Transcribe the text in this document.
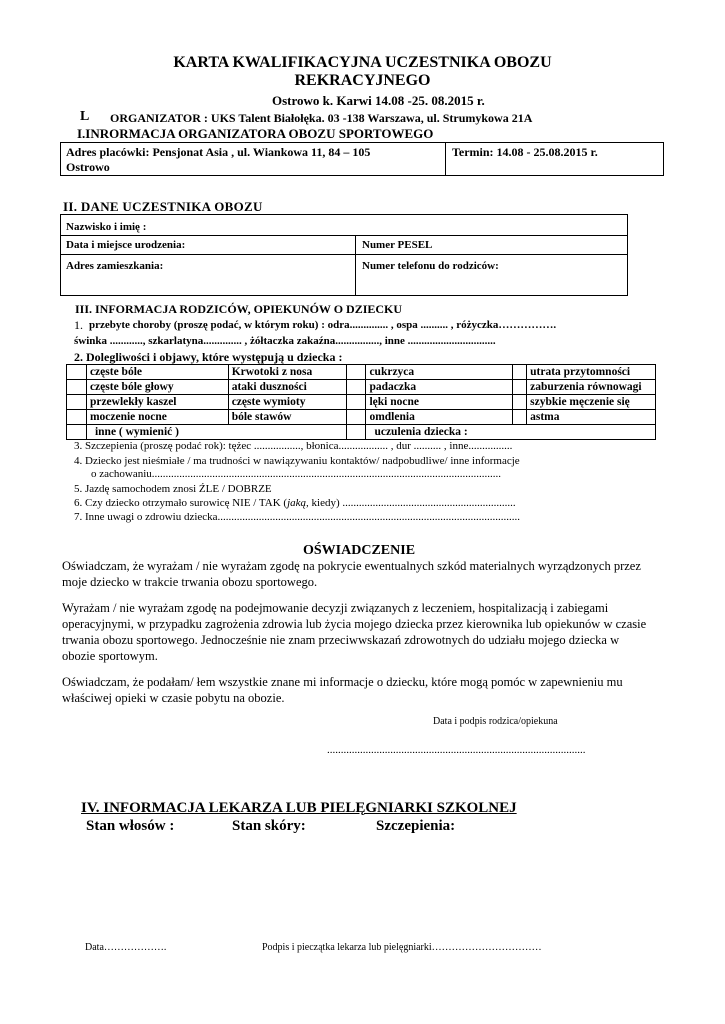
KARTA KWALIFIKACYJNA UCZESTNIKA OBOZU
REKRACYJNEGO
Ostrowo k. Karwi 14.08 -25. 08.2015 r.
L ORGANIZATOR : UKS Talent Białołęka. 03 -138 Warszawa, ul. Strumykowa 21A
I.INRORMACJA ORGANIZATORA OBOZU SPORTOWEGO
Adres placówki: Pensjonat Asia , ul. Wiankowa 11, 84 – 105
Ostrowo
Termin: 14.08 - 25.08.2015 r.
II. DANE UCZESTNIKA OBOZU
Nazwisko i imię :
Data i miejsce urodzenia:	Numer PESEL
Adres zamieszkania:	Numer telefonu do rodziców:
III. INFORMACJA RODZICÓW, OPIEKUNÓW O DZIECKU
1. przebyte choroby (proszę podać, w którym roku) : odra.............. , ospa .......... , różyczka…………….
świnka ............, szkarlatyna.............. , żółtaczka zakaźna................, inne ................................
2. Dolegliwości i objawy, które występują u dziecka :
	częste bóle	Krwotoki z nosa		cukrzyca		utrata przytomności
	częste bóle głowy	ataki duszności		padaczka		zaburzenia równowagi
	przewlekły kaszel	częste wymioty		lęki nocne		szybkie męczenie się
	moczenie nocne	bóle stawów		omdlenia		astma
	inne ( wymienić )			uczulenia dziecka :		
3. Szczepienia (proszę podać rok): tężec ................., błonica.................. , dur .......... , inne................
4. Dziecko jest nieśmiałe / ma trudności w nawiązywaniu kontaktów/ nadpobudliwe/ inne informacje
o zachowaniu...............................................................................................................................
5. Jazdę samochodem znosi ŹLE / DOBRZE
6. Czy dziecko otrzymało surowicę NIE / TAK (jaką, kiedy) ...............................................................
7. Inne uwagi o zdrowiu dziecka..............................................................................................................
OŚWIADCZENIE
Oświadczam, że wyrażam / nie wyrażam zgodę na pokrycie ewentualnych szkód materialnych wyrządzonych przez moje dziecko w trakcie trwania obozu sportowego.
Wyrażam / nie wyrażam zgodę na podejmowanie decyzji związanych z leczeniem, hospitalizacją i zabiegami operacyjnymi, w przypadku zagrożenia zdrowia lub życia mojego dziecka przez kierownika lub opiekunów w czasie trwania obozu sportowego. Jednocześnie nie znam przeciwwskazań zdrowotnych do udziału mojego dziecka w obozie sportowym.
Oświadczam, że podałam/ łem wszystkie znane mi informacje o dziecku, które mogą pomóc w zapewnieniu mu właściwej opieki w czasie pobytu na obozie.
Data i podpis rodzica/opiekuna
..............................................................................................
IV. INFORMACJA LEKARZA LUB PIELĘGNIARKI SZKOLNEJ
Stan włosów :	Stan skóry:	Szczepienia:
Data……………….	Podpis i pieczątka lekarza lub pielęgniarki……………………………
